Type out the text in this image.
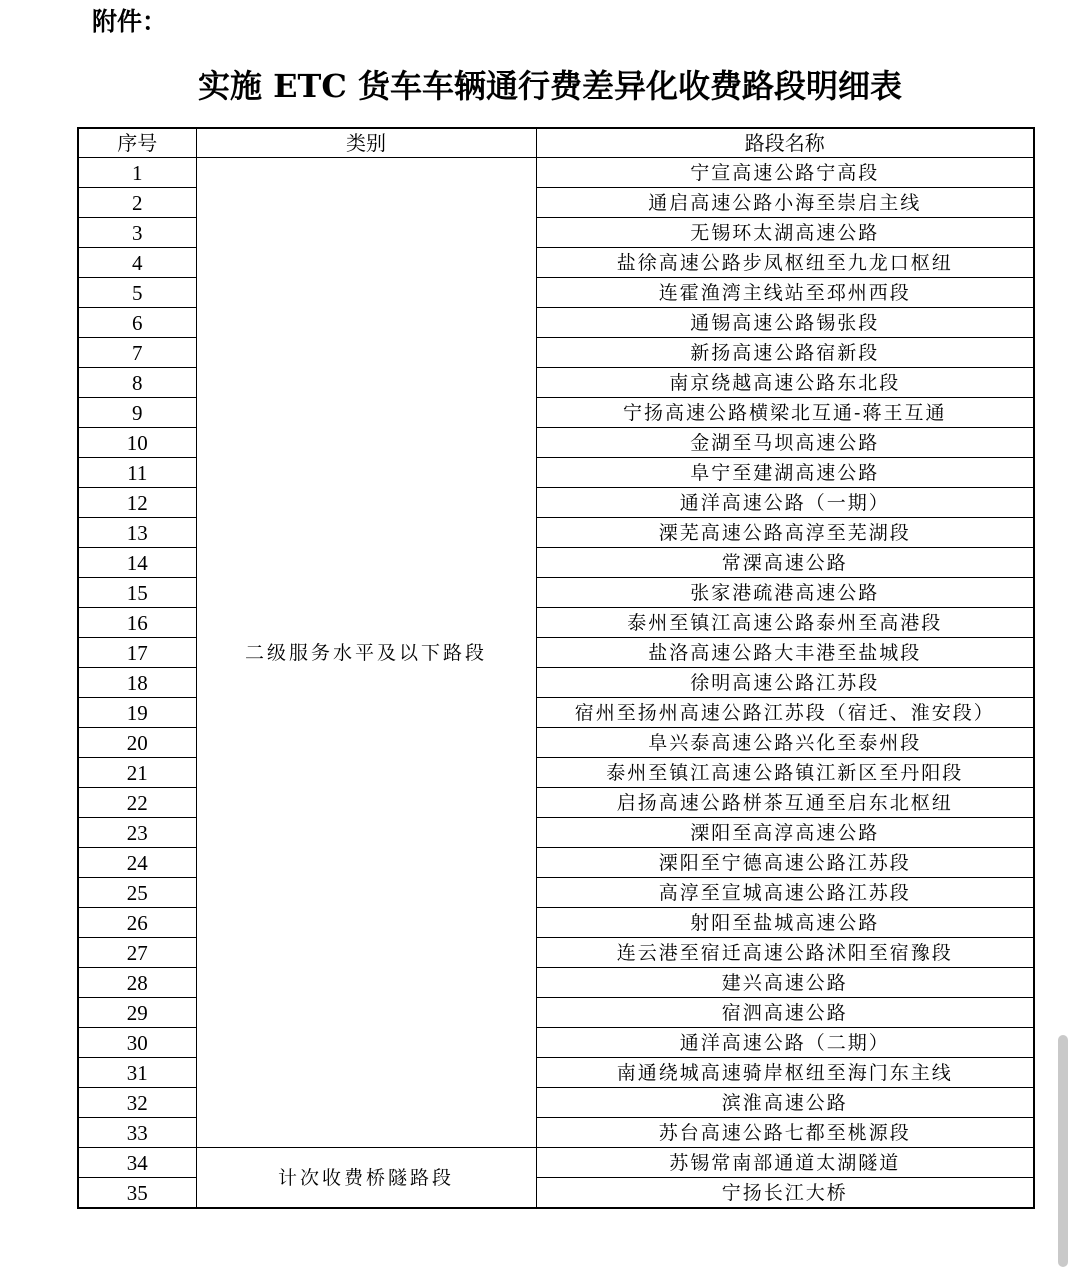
附件：
实施 ETC 货车车辆通行费差异化收费路段明细表
序号	类别	路段名称
1	二级服务水平及以下路段	宁宣高速公路宁高段
2		通启高速公路小海至崇启主线
3		无锡环太湖高速公路
4		盐徐高速公路步凤枢纽至九龙口枢纽
5		连霍渔湾主线站至邳州西段
6		通锡高速公路锡张段
7		新扬高速公路宿新段
8		南京绕越高速公路东北段
9		宁扬高速公路横梁北互通-蒋王互通
10		金湖至马坝高速公路
11		阜宁至建湖高速公路
12		通洋高速公路（一期）
13		溧芜高速公路高淳至芜湖段
14		常溧高速公路
15		张家港疏港高速公路
16		泰州至镇江高速公路泰州至高港段
17		盐洛高速公路大丰港至盐城段
18		徐明高速公路江苏段
19		宿州至扬州高速公路江苏段（宿迁、淮安段）
20		阜兴泰高速公路兴化至泰州段
21		泰州至镇江高速公路镇江新区至丹阳段
22		启扬高速公路栟茶互通至启东北枢纽
23		溧阳至高淳高速公路
24		溧阳至宁德高速公路江苏段
25		高淳至宣城高速公路江苏段
26		射阳至盐城高速公路
27		连云港至宿迁高速公路沭阳至宿豫段
28		建兴高速公路
29		宿泗高速公路
30		通洋高速公路（二期）
31		南通绕城高速骑岸枢纽至海门东主线
32		滨淮高速公路
33		苏台高速公路七都至桃源段
34	计次收费桥隧路段	苏锡常南部通道太湖隧道
35		宁扬长江大桥
